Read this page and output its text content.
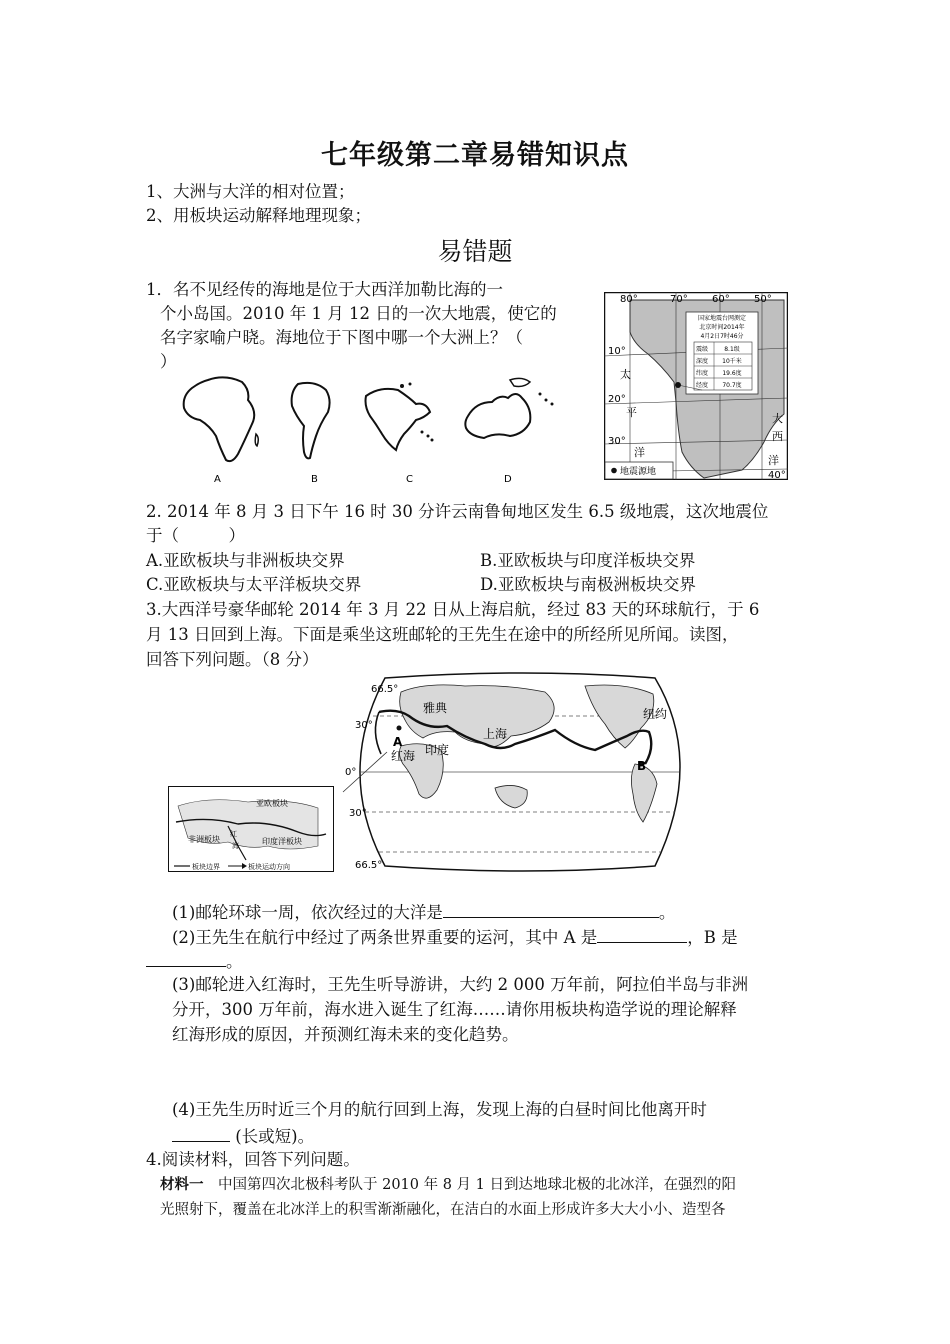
七年级第二章易错知识点
1、大洲与大洋的相对位置；
2、用板块运动解释地理现象；
易错题
1．名不见经传的海地是位于大西洋加勒比海的一
个小岛国。2010 年 1 月 12 日的一次大地震，使它的
名字家喻户晓。海地位于下图中哪一个大洲上？（
）
A	B	C	D
80°	70° 60° 50°
10°
20°
30°
40°
太
平
洋
大
西
洋
国家地震台网测定
北京时间2014年
4月2日7时46分
震级	8.1级
深度 10千米
纬度 19.6度
经度 70.7度
地震源地
2. 2014 年 8 月 3 日下午 16 时 30 分许云南鲁甸地区发生 6.5 级地震，这次地震位
于（　　　）
A.亚欧板块与非洲板块交界	B.亚欧板块与印度洋板块交界
C.亚欧板块与太平洋板块交界	D.亚欧板块与南极洲板块交界
3.大西洋号豪华邮轮 2014 年 3 月 22 日从上海启航，经过 83 天的环球航行，于 6
月 13 日回到上海。下面是乘坐这班邮轮的王先生在途中的所经所见所闻。读图，
回答下列问题。（8 分）
66.5°
30°
0°
30°
66.5°
雅典
上海
纽约
红海 印度
A
B
亚欧板块
非洲板块	印度洋板块
红
海
板块边界	板块运动方向
(1)邮轮环球一周，依次经过的大洋是	。
(2)王先生在航行中经过了两条世界重要的运河，其中 A 是	，B 是
。
(3)邮轮进入红海时，王先生听导游讲，大约 2 000 万年前，阿拉伯半岛与非洲
分开，300 万年前，海水进入诞生了红海……请你用板块构造学说的理论解释
红海形成的原因，并预测红海未来的变化趋势。
(4)王先生历时近三个月的航行回到上海，发现上海的白昼时间比他离开时
(长或短)。
4.阅读材料，回答下列问题。
材料一　 中国第四次北极科考队于 2010 年 8 月 1 日到达地球北极的北冰洋，在强烈的阳
光照射下，覆盖在北冰洋上的积雪渐渐融化，在洁白的水面上形成许多大大小小、造型各
